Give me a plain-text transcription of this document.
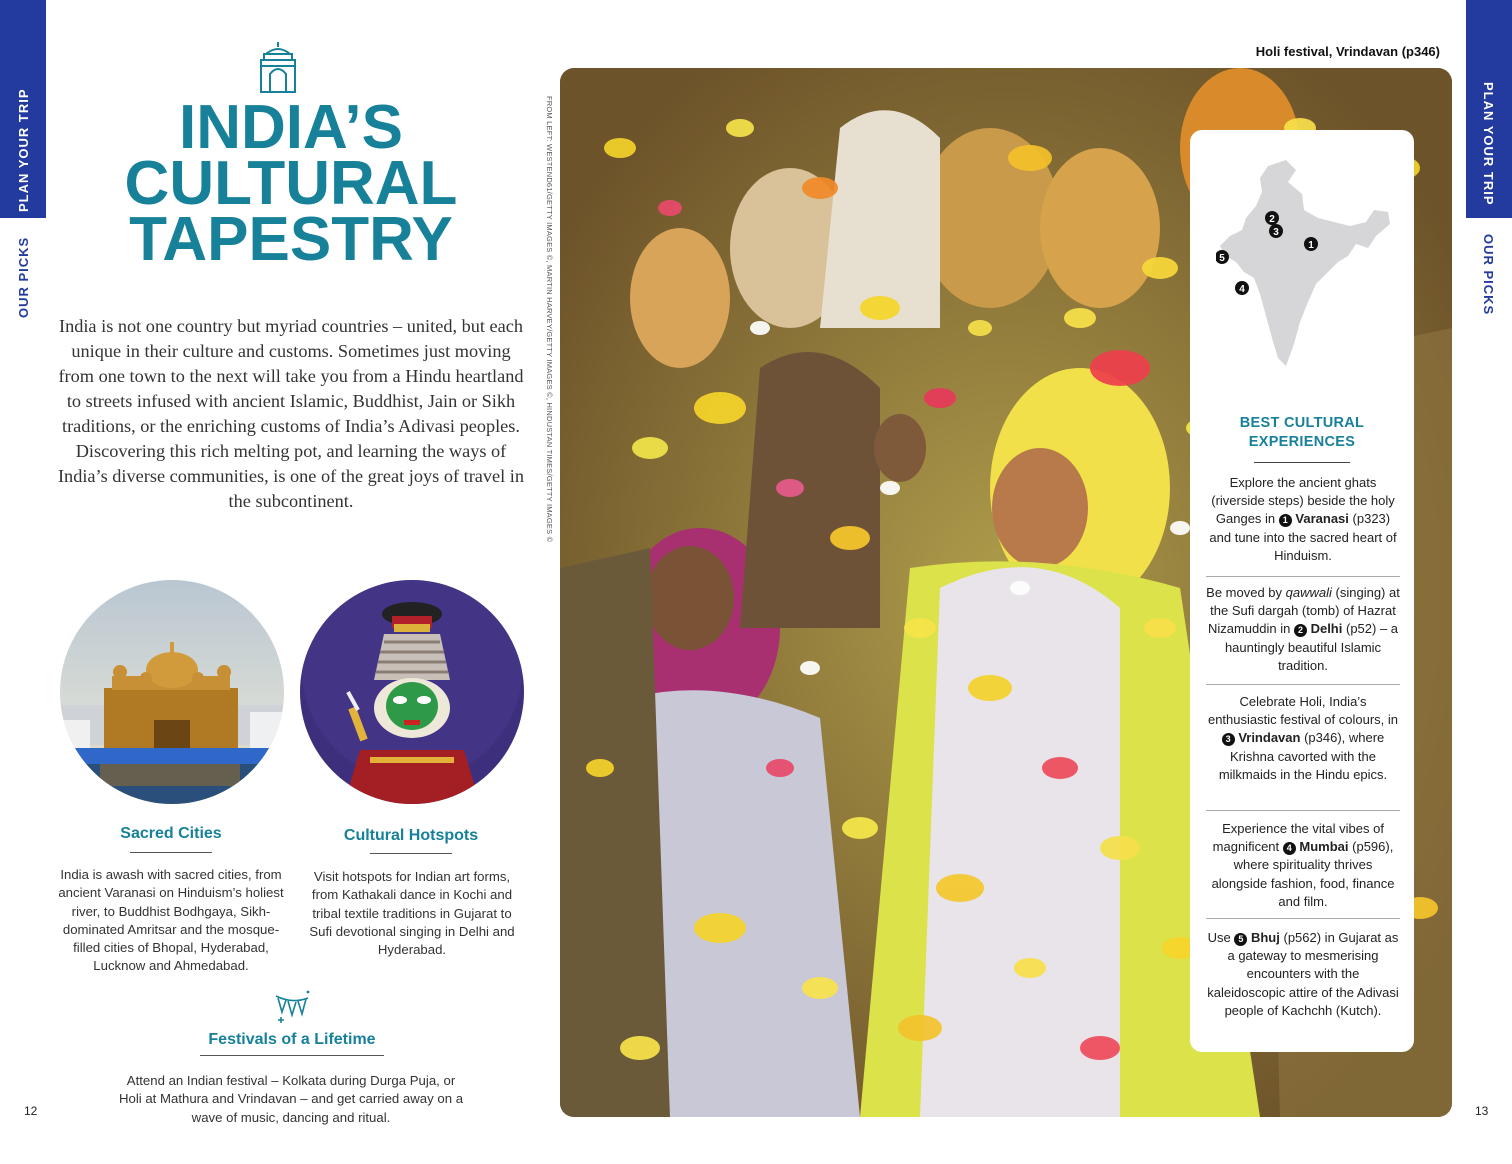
PLAN YOUR TRIP
OUR PICKS
PLAN YOUR TRIP
OUR PICKS
12	13
INDIA’S
CULTURAL
TAPESTRY

India is not one country but myriad countries – united, but each unique in their culture and customs. Sometimes just moving from one town to the next will take you from a Hindu heartland to streets infused with ancient Islamic, Buddhist, Jain or Sikh traditions, or the enriching customs of India’s Adivasi peoples. Discovering this rich melting pot, and learning the ways of India’s diverse communities, is one of the great joys of travel in the subcontinent.

Sacred Cities

India is awash with sacred cities, from ancient Varanasi on Hinduism’s holiest river, to Buddhist Bodhgaya, Sikh-dominated Amritsar and the mosque-filled cities of Bhopal, Hyderabad, Lucknow and Ahmedabad.

Cultural Hotspots

Visit hotspots for Indian art forms, from Kathakali dance in Kochi and tribal textile traditions in Gujarat to Sufi devotional singing in Delhi and Hyderabad.

Festivals of a Lifetime

Attend an Indian festival – Kolkata during Durga Puja, or Holi at Mathura and Vrindavan – and get carried away on a wave of music, dancing and ritual.

Holi festival, Vrindavan (p346)
FROM LEFT: WESTEND61/GETTY IMAGES ©, MARTIN HARVEY/GETTY IMAGES ©, HINDUSTAN TIMES/GETTY IMAGES ©	2
3
1
5
4
BEST CULTURAL
EXPERIENCES

Explore the ancient ghats (riverside steps) beside the holy Ganges in 1 Varanasi (p323) and tune into the sacred heart of Hinduism.

Be moved by qawwali (singing) at the Sufi dargah (tomb) of Hazrat Nizamuddin in 2 Delhi (p52) – a hauntingly beautiful Islamic tradition.

Celebrate Holi, India’s enthusiastic festival of colours, in 3 Vrindavan (p346), where Krishna cavorted with the milkmaids in the Hindu epics.

Experience the vital vibes of magnificent 4 Mumbai (p596), where spirituality thrives alongside fashion, food, finance and film.

Use 5 Bhuj (p562) in Gujarat as a gateway to mesmerising encounters with the kaleidoscopic attire of the Adivasi people of Kachchh (Kutch).
